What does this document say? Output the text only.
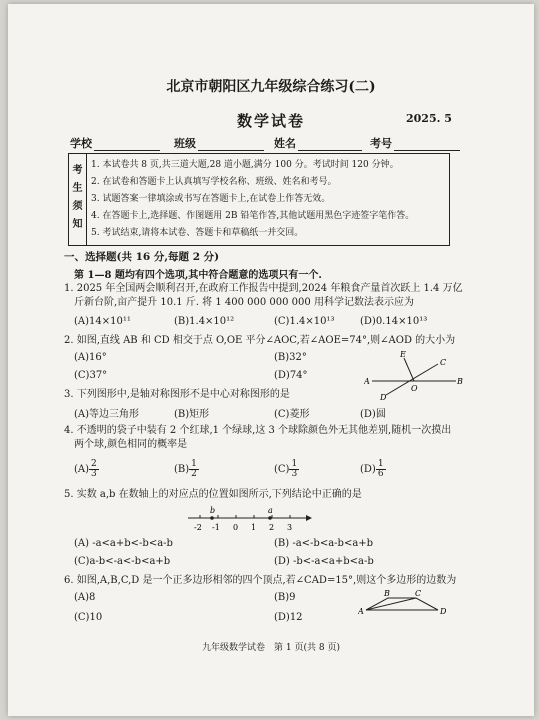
北京市朝阳区九年级综合练习(二)
数学试卷	2025. 5
学校	班级	姓名	考号
考
生
须
知
1. 本试卷共 8 页,共三道大题,28 道小题,满分 100 分。考试时间 120 分钟。
2. 在试卷和答题卡上认真填写学校名称、班级、姓名和考号。
3. 试题答案一律填涂或书写在答题卡上,在试卷上作答无效。
4. 在答题卡上,选择题、作图题用 2B 铅笔作答,其他试题用黑色字迹签字笔作答。
5. 考试结束,请将本试卷、答题卡和草稿纸一并交回。
一、选择题(共 16 分,每题 2 分)
第 1—8 题均有四个选项,其中符合题意的选项只有一个.
1. 2025 年全国两会顺利召开,在政府工作报告中提到,2024 年粮食产量首次跃上 1.4 万亿
斤新台阶,亩产提升 10.1 斤. 将 1 400 000 000 000 用科学记数法表示应为
(A)14×10¹¹	(B)1.4×10¹²	(C)1.4×10¹³	(D)0.14×10¹³
2. 如图,直线 AB 和 CD 相交于点 O,OE 平分∠AOC,若∠AOE=74°,则∠AOD 的大小为
(A)16°	(B)32°
(C)37°	(D)74°
E
C
A
O
B
D
3. 下列图形中,是轴对称图形不是中心对称图形的是
(A)等边三角形	(B)矩形	(C)菱形	(D)圆
4. 不透明的袋子中装有 2 个红球,1 个绿球,这 3 个球除颜色外无其他差别,随机一次摸出
两个球,颜色相同的概率是
$(A) \frac{2}{3}$	$(B) \frac{1}{2}$	$(C) \frac{1}{3}$	$(D) \frac{1}{6}$
5. 实数 a,b 在数轴上的对应点的位置如图所示,下列结论中正确的是
b	a
-2 -1 0 1 2 3
(A) -a<a+b<-b<a-b	(B) -a<-b<a-b<a+b
(C)a-b<-a<-b<a+b	(D) -b<-a<a+b<a-b
6. 如图,A,B,C,D 是一个正多边形相邻的四个顶点,若∠CAD=15°,则这个多边形的边数为
(A)8	(B)9
(C)10	(D)12
A
B	C
D
九年级数学试卷　第 1 页(共 8 页)
